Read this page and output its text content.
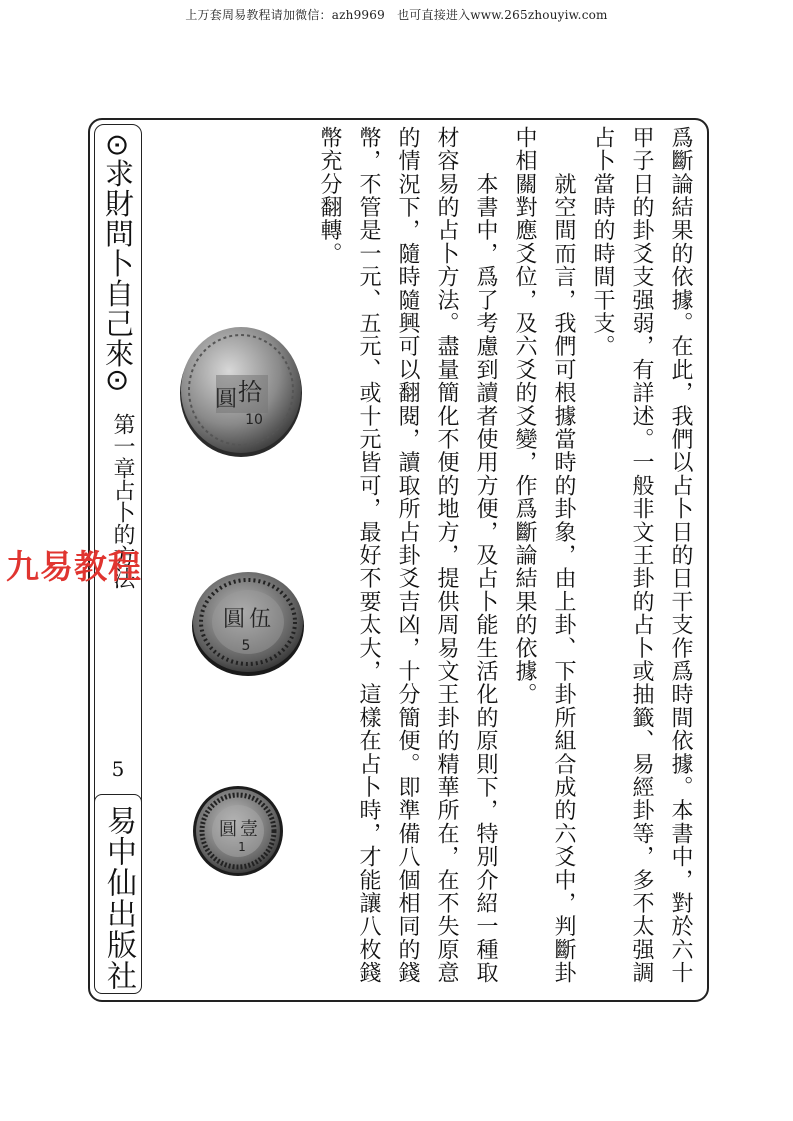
上万套周易教程请加微信：azh9969　也可直接进入www.265zhouyiw.com
⊙求財問卜自己來⊙
第一章占卜的方法
5
易中仙出版社
九易教程
拾
圓
10
伍
圓
5
壹
圓
1	爲斷論結果的依據。在此，我們以占卜日的日干支作爲時間依據。本書中，對於六十甲子日的卦爻支强弱，有詳述。一般非文王卦的占卜或抽籤、易經卦等，多不太强調占卜當時的時間干支。

　　就空間而言，我們可根據當時的卦象，由上卦、下卦所組合成的六爻中，判斷卦中相關對應爻位，及六爻的爻變，作爲斷論結果的依據。

　　本書中，爲了考慮到讀者使用方便，及占卜能生活化的原則下，特別介紹一種取材容易的占卜方法。盡量簡化不便的地方，提供周易文王卦的精華所在，在不失原意的情況下，隨時隨興可以翻閱，讀取所占卦爻吉凶，十分簡便。即準備八個相同的錢幣，不管是一元、五元、或十元皆可，最好不要太大，這樣在占卜時，才能讓八枚錢幣充分翻轉。
